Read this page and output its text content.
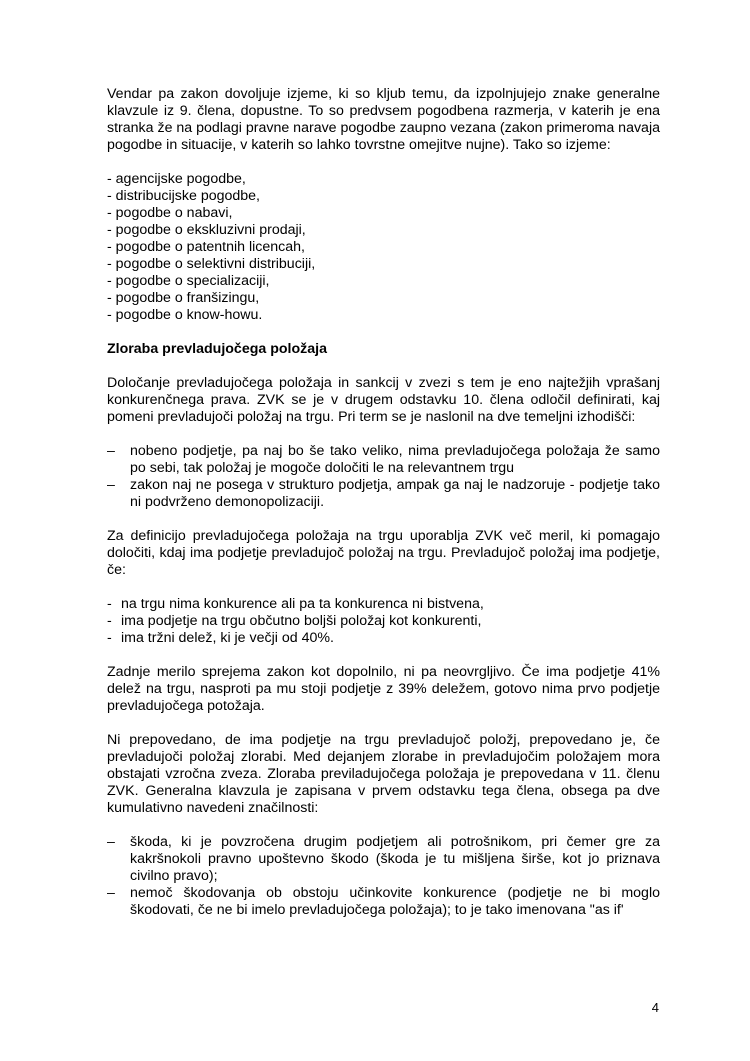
Vendar pa zakon dovoljuje izjeme, ki so kljub temu, da izpolnjujejo znake generalne klavzule iz 9. člena, dopustne. To so predvsem pogodbena razmerja, v katerih je ena stranka že na podlagi pravne narave pogodbe zaupno vezana (zakon primeroma navaja pogodbe in situacije, v katerih so lahko tovrstne omejitve nujne). Tako so izjeme:

- agencijske pogodbe,
- distribucijske pogodbe,
- pogodbe o nabavi,
- pogodbe o ekskluzivni prodaji,
- pogodbe o patentnih licencah,
- pogodbe o selektivni distribuciji,
- pogodbe o specializaciji,
- pogodbe o franšizingu,
- pogodbe o know-howu.
Zloraba prevladujočega položaja

Določanje prevladujočega položaja in sankcij v zvezi s tem je eno najtežjih vprašanj konkurenčnega prava. ZVK se je v drugem odstavku 10. člena odločil definirati, kaj pomeni prevladujoči položaj na trgu. Pri term se je naslonil na dve temeljni izhodišči:

– nobeno podjetje, pa naj bo še tako veliko, nima prevladujočega položaja že samo po sebi, tak položaj je mogoče določiti le na relevantnem trgu
– zakon naj ne posega v strukturo podjetja, ampak ga naj le nadzoruje - podjetje tako ni podvrženo demonopolizaciji.

Za definicijo prevladujočega položaja na trgu uporablja ZVK več meril, ki pomagajo določiti, kdaj ima podjetje prevladujoč položaj na trgu. Prevladujoč položaj ima podjetje, če:

- na trgu nima konkurence ali pa ta konkurenca ni bistvena,
- ima podjetje na trgu občutno boljši položaj kot konkurenti,
- ima tržni delež, ki je večji od 40%.

Zadnje merilo sprejema zakon kot dopolnilo, ni pa neovrgljivo. Če ima podjetje 41% delež na trgu, nasproti pa mu stoji podjetje z 39% deležem, gotovo nima prvo podjetje prevladujočega potožaja.

Ni prepovedano, de ima podjetje na trgu prevladujoč položj, prepovedano je, če prevladujoči položaj zlorabi. Med dejanjem zlorabe in prevladujočim položajem mora obstajati vzročna zveza. Zloraba previladujočega položaja je prepovedana v 11. členu ZVK. Generalna klavzula je zapisana v prvem odstavku tega člena, obsega pa dve kumulativno navedeni značilnosti:

– škoda, ki je povzročena drugim podjetjem ali potrošnikom, pri čemer gre za kakršnokoli pravno upoštevno škodo (škoda je tu mišljena širše, kot jo priznava civilno pravo);
– nemoč škodovanja ob obstoju učinkovite konkurence (podjetje ne bi moglo škodovati, če ne bi imelo prevladujočega položaja); to je tako imenovana "as if'
4
